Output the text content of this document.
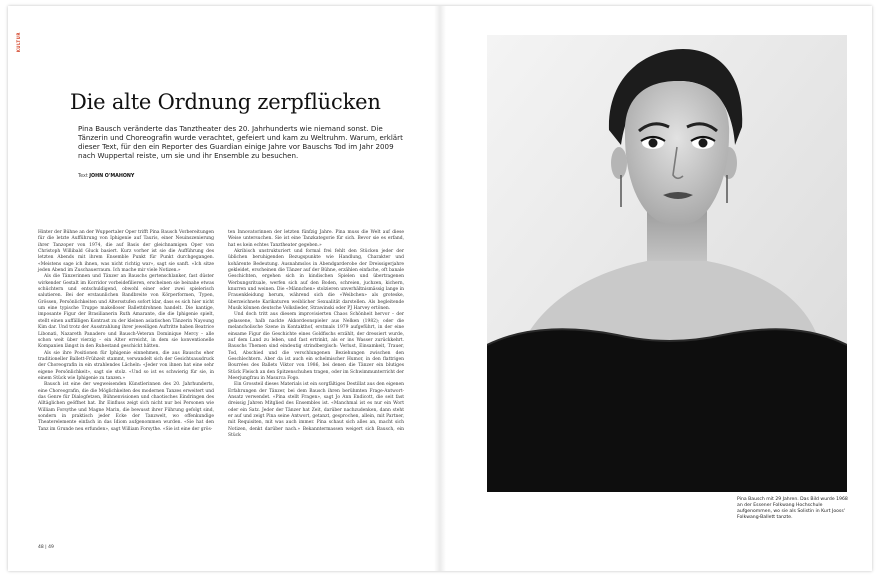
KULTUR
Die alte Ordnung zerpflücken

Pina Bausch veränderte das Tanztheater des 20. Jahrhunderts wie niemand sonst. Die Tänzerin und Choreografin wurde verachtet, gefeiert und kam zu Weltruhm. Warum, erklärt dieser Text, für den ein Reporter des Guardian einige Jahre vor Bauschs Tod im Jahr 2009 nach Wuppertal reiste, um sie und ihr Ensemble zu besuchen.

Text JOHN O'MAHONY

Hinter der Bühne an der Wuppertaler Oper trifft Pina Bausch Vorbereitungen für die letzte Aufführung von Iphigenie auf Tauris, einer Neuinszenierung ihrer Tanzoper von 1974, die auf Basis der gleichnamigen Oper von Christoph Willibald Gluck basiert. Kurz vorher ist sie die Aufführung des letzten Abends mit ihrem Ensemble Punkt für Punkt durchgegangen. «Meistens sage ich ihnen, was nicht richtig war», sagt sie sanft. «Ich sitze jeden Abend im Zuschauerraum. Ich mache mir viele Notizen.»

Als die Tänzerinnen und Tänzer an Bauschs gertenschlanker, fast düster wirkender Gestalt im Korridor vorbeidefilieren, erscheinen sie beinahe etwas schüchtern und entschuldigend, obwohl einer oder zwei spielerisch salutieren. Bei der erstaunlichen Bandbreite von Körperformen, Typen, Grössen, Persönlichkeiten und Altersstufen sofort klar, dass es sich hier nicht um eine typische Truppe makelloser Ballettdrohnen handelt. Die kantige, imposante Figur der Brasilianerin Ruth Amarante, die die Iphigenie spielt, stellt einen auffälligen Kontrast zu der kleinen asiatischen Tänzerin Nayoung Kim dar. Und trotz der Ausstrahlung ihrer jeweiligen Auftritte haben Beatrice Libonati, Nazareth Panadero und Bausch-Veteran Dominique Mercy – alle schon weit über vierzig – ein Alter erreicht, in dem sie konventionelle Kompanien längst in den Ruhestand geschickt hätten.

Als sie ihre Positionen für Iphigenie einnehmen, die aus Bauschs eher traditioneller Ballett-Frühzeit stammt, verwandelt sich der Gesichtsausdruck der Choreografin in ein strahlendes Lächeln: «Jeder von ihnen hat eine sehr eigene Persönlichkeit», sagt sie stolz. «Und so ist es schwierig für sie, in einem Stück wie Iphigenie zu tanzen.»

Bausch ist eine der wegweisenden Künstlerinnen des 20. Jahrhunderts, eine Choreografin, die die Möglichkeiten des modernen Tanzes erweitert und das Genre für Dialogfetzen, Bühnenvisionen und chaotisches Eindringen des Alltäglichen geöffnet hat. Ihr Einfluss zeigt sich nicht nur bei Personen wie William Forsythe und Magne Marin, die bewusst ihrer Führung gefolgt sind, sondern in praktisch jeder Ecke der Tanzwelt, wo offenkundige Theaterelemente einfach in das Idiom aufgenommen wurden. «Sie hat den Tanz im Grunde neu erfunden», sagt William Forsythe. «Sie ist eine der grös-

ten Innovatorinnen der letzten fünfzig Jahre. Pina muss die Welt auf diese Weise untersuchen. Sie ist eine Tanzkategorie für sich. Bevor sie es erfand, hat es kein echtes Tanztheater gegeben.»

Akribisch unstrukturiert und formal frei fehlt den Stücken jeder der üblichen beruhigenden Bezugspunkte wie Handlung, Charakter und kohärente Bedeutung. Ausnahmslos in Abendgarderobe der Dreissigerjahre gekleidet, erscheinen die Tänzer auf der Bühne, erzählen einfache, oft banale Geschichten, ergehen sich in kindischen Spielen und übertragenen Werbungsrituale, werfen sich auf den Boden, schreien, juchzen, kichern, knurren und weinen. Die «Männchen» stolzieren unverhältnismässig lange in Frauenkleidung herum, während sich die «Weibchen» als groteske, überzeichnete Karikaturen weiblicher Sexualität darstellen. Als begleitende Musik können deutsche Volkslieder, Strawinski oder PJ Harvey ertönen.

Und doch tritt aus diesem improvisierten Chaos Schönheit hervor – der gelassene, halb nackte Akkordeonspieler aus Nelken (1982); oder die melancholische Szene in Kontakthof, erstmals 1979 aufgeführt, in der eine einsame Figur die Geschichte eines Goldfischs erzählt, der dressiert wurde, auf dem Land zu leben, und fast ertrinkt, als er ins Wasser zurückkehrt. Bauschs Themen sind eindeutig strindbergisch: Verlust, Einsamkeit, Trauer, Tod, Abschied und die verschlungenen Beziehungen zwischen den Geschlechtern. Aber da ist auch ein schelmischer Humor, in den flattrigen Bourrées des Ballets Viktor von 1986, bei denen die Tänzer ein blutiges Stück Fleisch an den Spitzenschuhen tragen, oder im Schwimmunterricht der Meerjungfrau in Masurca Fogo.

Ein Grossteil dieses Materials ist ein sorgfältiges Destillat aus den eigenen Erfahrungen der Tänzer, bei dem Bausch ihren berühmten Frage-Antwort-Ansatz verwendet. «Pina stellt Fragen», sagt Jo Ann Endicott, die seit fast dreissig Jahren Mitglied des Ensembles ist. «Manchmal ist es nur ein Wort oder ein Satz. Jeder der Tänzer hat Zeit, darüber nachzudenken, dann steht er auf und zeigt Pina seine Antwort, getanzt, gesprochen, allein, mit Partner, mit Requisiten, mit was auch immer. Pina schaut sich alles an, macht sich Notizen, denkt darüber nach.» Bekanntermassen weigert sich Bausch, ein Stück

48 | 49

Pina Bausch mit 29 Jahren. Das Bild wurde 1968 an der Essener Folkwang Hochschule aufgenommen, wo sie als Solistin in Kurt Jooss' Folkwang-Ballett tanzte.
